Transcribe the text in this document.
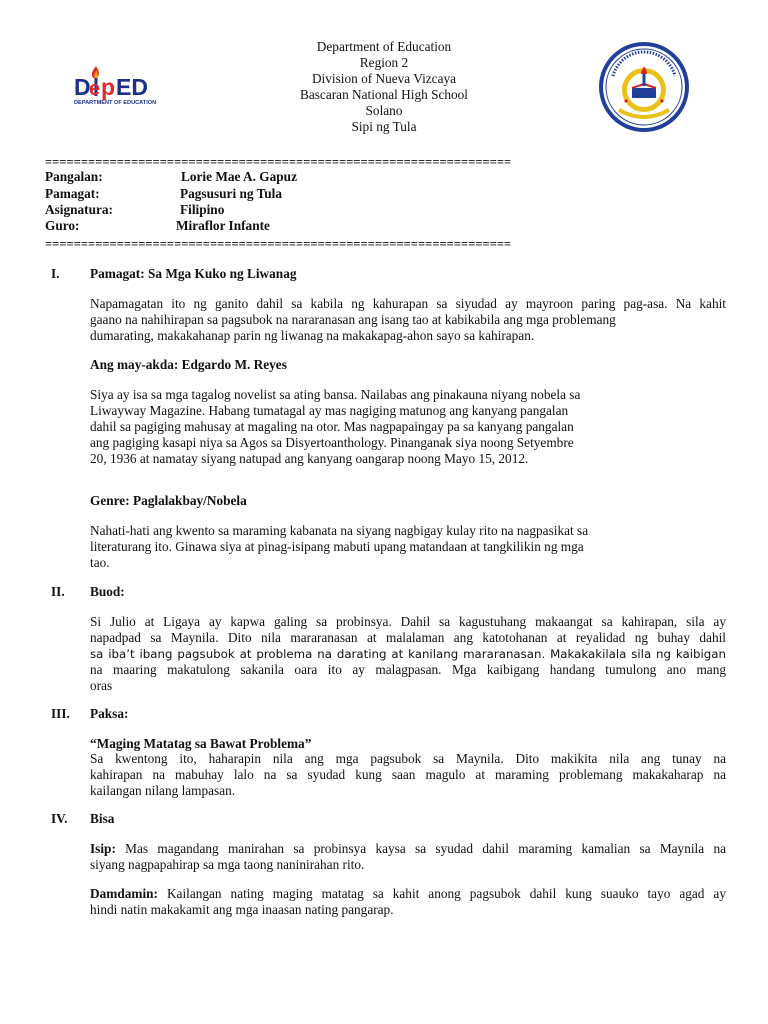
D p
e ED
DEPARTMENT OF EDUCATION
Department of Education
Region 2
Division of Nueva Vizcaya
Bascaran National High School
Solano
Sipi ng Tula
=================================================================
Pangalan:	Lorie Mae A. Gapuz
Pamagat:	Pagsusuri ng Tula
Asignatura:	Filipino
Guro:	Miraflor Infante
=================================================================
I. Pamagat: Sa Mga Kuko ng Liwanag
Napamagatan ito ng ganito dahil sa kabila ng kahurapan sa siyudad ay mayroon paring pag-asa. Na kahit
gaano na nahihirapan sa pagsubok na nararanasan ang isang tao at kabikabila ang mga problemang
dumarating, makakahanap parin ng liwanag na makakapag-ahon sayo sa kahirapan.
Ang may-akda: Edgardo M. Reyes
Siya ay isa sa mga tagalog novelist sa ating bansa. Nailabas ang pinakauna niyang nobela sa
Liwayway Magazine. Habang tumatagal ay mas nagiging matunog ang kanyang pangalan
dahil sa pagiging mahusay at magaling na otor. Mas nagpapaingay pa sa kanyang pangalan
ang pagiging kasapi niya sa Agos sa Disyertoanthology. Pinanganak siya noong Setyembre
20, 1936 at namatay siyang natupad ang kanyang oangarap noong Mayo 15, 2012.
Genre: Paglalakbay/Nobela
Nahati-hati ang kwento sa maraming kabanata na siyang nagbigay kulay rito na nagpasikat sa
literaturang ito. Ginawa siya at pinag-isipang mabuti upang matandaan at tangkilikin ng mga
tao.
II. Buod:
Si Julio at Ligaya ay kapwa galing sa probinsya. Dahil sa kagustuhang makaangat sa kahirapan, sila ay
napadpad sa Maynila. Dito nila mararanasan at malalaman ang katotohanan at reyalidad ng buhay dahil
sa iba’t ibang pagsubok at problema na darating at kanilang mararanasan. Makakakilala sila ng kaibigan
na maaring makatulong sakanila oara ito ay malagpasan. Mga kaibigang handang tumulong ano mang
oras
III. Paksa:
“Maging Matatag sa Bawat Problema”
Sa kwentong ito, haharapin nila ang mga pagsubok sa Maynila. Dito makikita nila ang tunay na
kahirapan na mabuhay lalo na sa syudad kung saan magulo at maraming problemang makakaharap na
kailangan nilang lampasan.
IV. Bisa
Isip: Mas magandang manirahan sa probinsya kaysa sa syudad dahil maraming kamalian sa Maynila na
siyang nagpapahirap sa mga taong naninirahan rito.
Damdamin: Kailangan nating maging matatag sa kahit anong pagsubok dahil kung suauko tayo agad ay
hindi natin makakamit ang mga inaasan nating pangarap.
